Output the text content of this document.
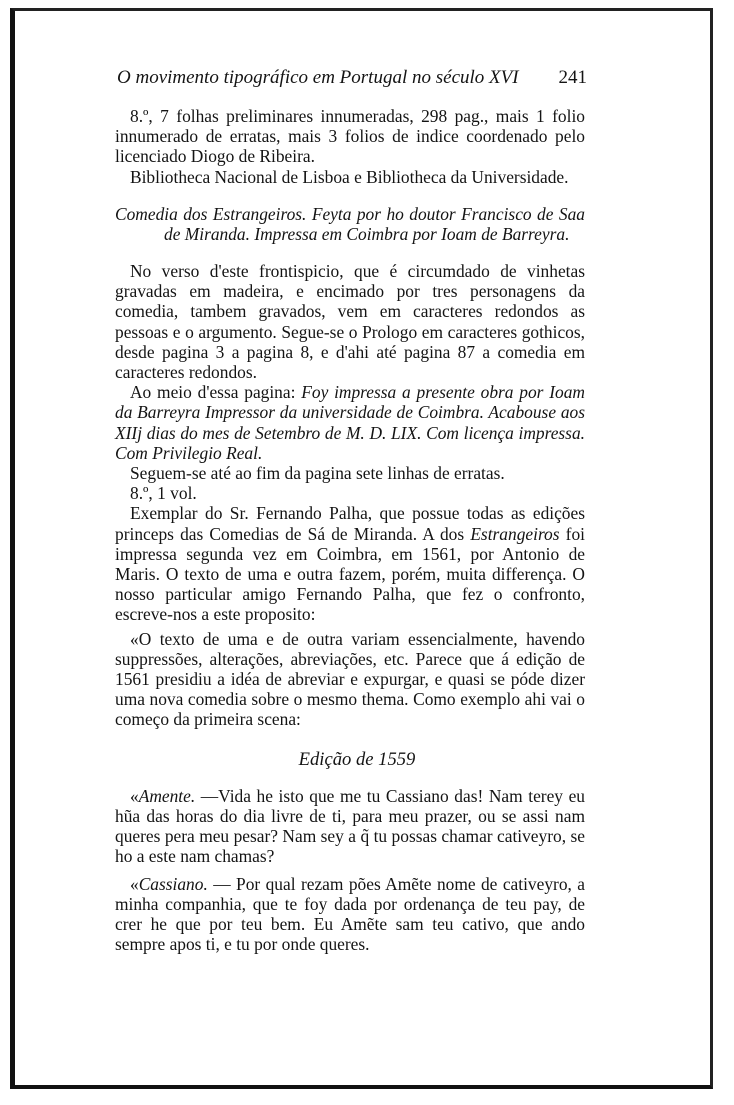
O movimento tipográfico em Portugal no século XVI 241

8.º, 7 folhas preliminares innumeradas, 298 pag., mais 1 folio innumerado de erratas, mais 3 folios de indice coordenado pelo licenciado Diogo de Ribeira.

Bibliotheca Nacional de Lisboa e Bibliotheca da Universidade.

Comedia dos Estrangeiros. Feyta por ho doutor Francisco de Saa de Miranda. Impressa em Coimbra por Ioam de Barreyra.

No verso d'este frontispicio, que é circumdado de vinhetas gravadas em madeira, e encimado por tres personagens da comedia, tambem gravados, vem em caracteres redondos as pessoas e o argumento. Segue-se o Prologo em caracteres gothicos, desde pagina 3 a pagina 8, e d'ahi até pagina 87 a comedia em caracteres redondos.

Ao meio d'essa pagina: Foy impressa a presente obra por Ioam da Barreyra Impressor da universidade de Coimbra. Acabouse aos XIIj dias do mes de Setembro de M. D. LIX. Com licença impressa. Com Privilegio Real.

Seguem-se até ao fim da pagina sete linhas de erratas.

8.º, 1 vol.

Exemplar do Sr. Fernando Palha, que possue todas as edições princeps das Comedias de Sá de Miranda. A dos Estrangeiros foi impressa segunda vez em Coimbra, em 1561, por Antonio de Maris. O texto de uma e outra fazem, porém, muita differença. O nosso particular amigo Fernando Palha, que fez o confronto, escreve-nos a este proposito:

«O texto de uma e de outra variam essencialmente, havendo suppressões, alterações, abreviações, etc. Parece que á edição de 1561 presidiu a idéa de abreviar e expurgar, e quasi se póde dizer uma nova comedia sobre o mesmo thema. Como exemplo ahi vai o começo da primeira scena:

Edição de 1559

«Amente. —Vida he isto que me tu Cassiano das! Nam terey eu hũa das horas do dia livre de ti, para meu prazer, ou se assi nam queres pera meu pesar? Nam sey a q̃ tu possas chamar cativeyro, se ho a este nam chamas?

«Cassiano. — Por qual rezam pões Amẽte nome de cativeyro, a minha companhia, que te foy dada por ordenança de teu pay, de crer he que por teu bem. Eu Amẽte sam teu cativo, que ando sempre apos ti, e tu por onde queres.
